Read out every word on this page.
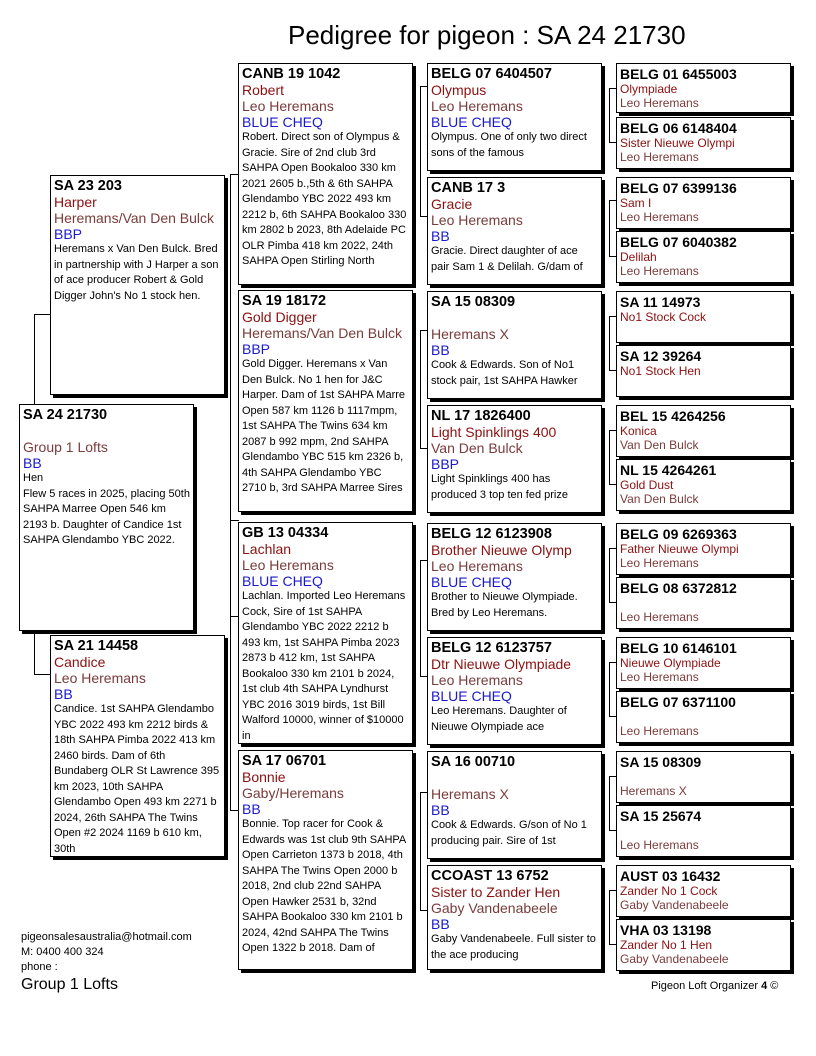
Pedigree for pigeon : SA 24 21730
SA 24 21730

Group 1 Lofts
BB
Hen
Flew 5 races in 2025, placing 50th SAHPA Marree Open 546 km 2193 b. Daughter of Candice 1st SAHPA Glendambo YBC 2022.
SA 23 203
Harper
Heremans/Van Den Bulck
BBP
Heremans x Van Den Bulck. Bred in partnership with J Harper a son of ace producer Robert & Gold Digger John's No 1 stock hen.
SA 21 14458
Candice
Leo Heremans
BB
Candice. 1st SAHPA Glendambo YBC 2022 493 km 2212 birds & 18th SAHPA Pimba 2022 413 km 2460 birds. Dam of 6th Bundaberg OLR St Lawrence 395 km 2023, 10th SAHPA Glendambo Open 493 km 2271 b 2024, 26th SAHPA The Twins Open #2 2024 1169 b 610 km, 30th
CANB 19 1042
Robert
Leo Heremans
BLUE CHEQ
Robert. Direct son of Olympus & Gracie. Sire of 2nd club 3rd SAHPA Open Bookaloo 330 km 2021 2605 b.,5th & 6th SAHPA Glendambo YBC 2022 493 km 2212 b, 6th SAHPA Bookaloo 330 km 2802 b 2023, 8th Adelaide PC OLR Pimba 418 km 2022, 24th SAHPA Open Stirling North
SA 19 18172
Gold Digger
Heremans/Van Den Bulck
BBP
Gold Digger. Heremans x Van Den Bulck. No 1 hen for J&C Harper. Dam of 1st SAHPA Marre Open 587 km 1126 b 1117mpm, 1st SAHPA The Twins 634 km 2087 b 992 mpm, 2nd SAHPA Glendambo YBC 515 km 2326 b, 4th SAHPA Glendambo YBC 2710 b, 3rd SAHPA Marree Sires
GB 13 04334
Lachlan
Leo Heremans
BLUE CHEQ
Lachlan. Imported Leo Heremans Cock, Sire of 1st SAHPA Glendambo YBC 2022 2212 b 493 km, 1st SAHPA Pimba 2023 2873 b 412 km, 1st SAHPA Bookaloo 330 km 2101 b 2024, 1st club 4th SAHPA Lyndhurst YBC 2016 3019 birds, 1st Bill Walford 10000, winner of $10000 in
SA 17 06701
Bonnie
Gaby/Heremans
BB
Bonnie. Top racer for Cook & Edwards was 1st club 9th SAHPA Open Carrieton 1373 b 2018, 4th SAHPA The Twins Open 2000 b 2018, 2nd club 22nd SAHPA Open Hawker 2531 b, 32nd SAHPA Bookaloo 330 km 2101 b 2024, 42nd SAHPA The Twins Open 1322 b 2018. Dam of
BELG 07 6404507
Olympus
Leo Heremans
BLUE CHEQ
Olympus. One of only two direct sons of the famous
CANB 17 3
Gracie
Leo Heremans
BB
Gracie. Direct daughter of ace pair Sam 1 & Delilah. G/dam of
SA 15 08309

Heremans X
BB
Cook & Edwards. Son of No1 stock pair, 1st SAHPA Hawker
NL 17 1826400
Light Spinklings 400
Van Den Bulck
BBP
Light Spinklings 400 has produced 3 top ten fed prize
BELG 12 6123908
Brother Nieuwe Olymp
Leo Heremans
BLUE CHEQ
Brother to Nieuwe Olympiade. Bred by Leo Heremans.
BELG 12 6123757
Dtr Nieuwe Olympiade
Leo Heremans
BLUE CHEQ
Leo Heremans. Daughter of Nieuwe Olympiade ace
SA 16 00710

Heremans X
BB
Cook & Edwards. G/son of No 1 producing pair. Sire of 1st
CCOAST 13 6752
Sister to Zander Hen
Gaby Vandenabeele
BB
Gaby Vandenabeele. Full sister to the ace producing
BELG 01 6455003
Olympiade
Leo Heremans
BELG 06 6148404
Sister Nieuwe Olympi
Leo Heremans
BELG 07 6399136
Sam I
Leo Heremans
BELG 07 6040382
Delilah
Leo Heremans
SA 11 14973
No1 Stock Cock
SA 12 39264
No1 Stock Hen
BEL 15 4264256
Konica
Van Den Bulck
NL 15 4264261
Gold Dust
Van Den Bulck
BELG 09 6269363
Father Nieuwe Olympi
Leo Heremans
BELG 08 6372812

Leo Heremans
BELG 10 6146101
Nieuwe Olympiade
Leo Heremans
BELG 07 6371100

Leo Heremans
SA 15 08309

Heremans X
SA 15 25674

Leo Heremans
AUST 03 16432
Zander No 1 Cock
Gaby Vandenabeele
VHA 03 13198
Zander No 1 Hen
Gaby Vandenabeele
pigeonsalesaustralia@hotmail.com
M: 0400 400 324
phone :
Group 1 Lofts	Pigeon Loft Organizer 4 ©
